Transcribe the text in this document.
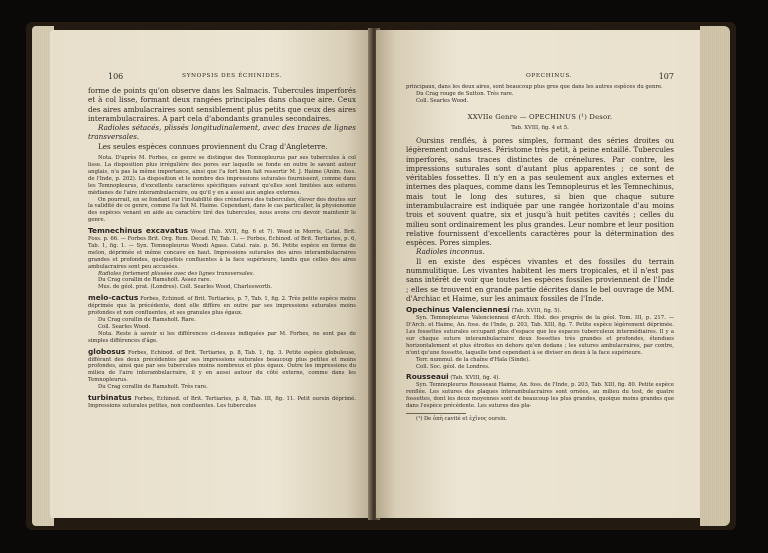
106	SYNOPSIS DES ÉCHINIDES.

forme de points qu'on observe dans les Salmacis. Tubercules imperforés et à col lisse, formant deux rangées principales dans chaque aire. Ceux des aires ambulacraires sont sensiblement plus petits que ceux des aires interambulacraires. A part cela d'abondants granules secondaires.

Radioles sétacés, plissés longitudinalement, avec des traces de lignes transversales.

Les seules espèces connues proviennent du Crag d'Angleterre.

Nota. D'après M. Forbes, ce genre se distingue des Temnopleurus par ses tubercules à col lisse. La disposition plus irrégulière des pores sur laquelle se fonde en outre le savant auteur anglais, n'a pas la même importance, ainsi que l'a fort bien fait ressortir M. J. Haime (Anim. foss. de l'Inde, p. 202). La disposition et le nombre des impressions suturales fournissent, comme dans les Temnopleurus, d'excellents caractères spécifiques suivant qu'elles sont limitées aux sutures médianes de l'aire interambulacraire, ou qu'il y en a aussi aux angles externes.

On pourrait, en se fondant sur l'instabilité des crénelures des tubercules, élever des doutes sur la validité de ce genre, comme l'a fait M. Haime. Cependant, dans le cas particulier, la physionomie des espèces venant en aide au caractère tiré des tubercules, nous avons cru devoir maintenir le genre.

Temnechinus excavatus Wood (Tab. XVII, fig. 6 et 7). Wood in Morris, Catal. Brit. Foss. p. 66. — Forbes Brit. Org. Rem. Decad. IV, Tab. 1. — Forbes, Echinod. of Brit. Tertiaries, p. 6, Tab. 1, fig. 1. — Syn. Temnopleurus Woodi Agass. Catal. rais. p. 56. Petite espèce en forme de melon, déprimée et même concave en haut. Impressions suturales des aires interambulacraires grandes et profondes, quelquefois confluentes à la face supérieure, tandis que celles des aires ambulacraires sont peu accusées.

Radioles fortement plissées avec des lignes transversales.

Du Crag corallin de Ramsholt. Assez rare.

Mus. de géol. prat. (Londres). Coll. Searles Wood, Charlesworth.

melo-cactus Forbes, Echinod. of Brit. Tertiaries, p. 7, Tab. 1, fig. 2. Très petite espèce moins déprimée que la précédente, dont elle diffère en outre par ses impressions suturales moins profondes et non confluentes, et ses granules plus égaux.

Du Crag corallin de Ramsholt. Rare.

Coll. Searles Wood.

Nota. Reste à savoir si les différences ci-dessus indiquées par M. Forbes, ne sont pas de simples différences d'âge.

globosus Forbes, Echinod. of Brit. Tertiaries, p. 8, Tab. 1, fig. 3. Petite espèce globuleuse, différant des deux précédentes par ses impressions suturales beaucoup plus petites et moins profondes, ainsi que par ses tubercules moins nombreux et plus égaux. Outre les impressions du milieu de l'aire interambulacraire, il y en aussi autour du côté externe, comme dans les Temnopleurus.

Du Crag corallin de Ramsholt. Très rare.

turbinatus Forbes, Echinod. of Brit. Tertiaries, p. 8, Tab. III, fig. 11. Petit oursin déprimé. Impressions suturales petites, non confluentes. Les tubercules

OPECHINUS.	107

principaux, dans les deux aires, sont beaucoup plus gros que dans les autres espèces du genre.

Du Crag rouge de Sutton. Très rare.

Coll. Searles Wood.

XXVIIe Genre — OPECHINUS (¹) Desor.

Tab. XVIII, fig. 4 et 5.

Oursins renflés, à pores simples, formant des séries droites ou légèrement onduleuses. Péristome très petit, à peine entaillé. Tubercules imperforés, sans traces distinctes de crénelures. Par contre, les impressions suturales sont d'autant plus apparentes ; ce sont de véritables fossettes. Il n'y en a pas seulement aux angles externes et internes des plaques, comme dans les Temnopleurus et les Temnechinus, mais tout le long des sutures, si bien que chaque suture interambulacraire est indiquée par une rangée horizontale d'au moins trois et souvent quatre, six et jusqu'à huit petites cavités ; celles du milieu sont ordinairement les plus grandes. Leur nombre et leur position relative fournissent d'excellents caractères pour la détermination des espèces. Pores simples.

Radioles inconnus.

Il en existe des espèces vivantes et des fossiles du terrain nummulitique. Les vivantes habitent les mers tropicales, et il n'est pas sans intérêt de voir que toutes les espèces fossiles proviennent de l'Inde ; elles se trouvent en grande partie décrites dans le bel ouvrage de MM. d'Archiac et Haime, sur les animaux fossiles de l'Inde.

Opechinus Valenciennesi (Tab. XVIII, fig. 5).

Syn. Temnopleurus Valenciennesi d'Arch. Hist. des progrès de la géol. Tom. III, p. 217. — D'Arch. et Haime, An. foss. de l'Inde, p. 203, Tab. XIII, fig. 7. Petite espèce légèrement déprimée. Les fossettes suturales occupant plus d'espace que les espaces tuberculeux intermédiaires. Il y a sur chaque suture interambulacraire deux fossettes très grandes et profondes, étendues horizontalement et plus étroites en dehors qu'en dedans ; les sutures ambulacraires, par contre, n'ont qu'une fossette, laquelle tend cependant à se diviser en deux à la face supérieure.

Terr. nummul. de la chaîne d'Hala (Sinde).

Coll. Soc. géol. de Londres.

Rousseaui (Tab. XVIII, fig. 4).

Syn. Temnopleurus Rousseaui Haime, An. foss. de l'Inde, p. 203, Tab. XIII, fig. 80. Petite espèce renflée. Les sutures des plaques interambulacraires sont ornées, au milieu du test, de quatre fossettes, dont les deux moyennes sont de beaucoup les plus grandes, quoique moins grandes que dans l'espèce précédente. Les sutures des pla-

(¹) De ὀπὴ cavité et ἐχῖνος oursin.
